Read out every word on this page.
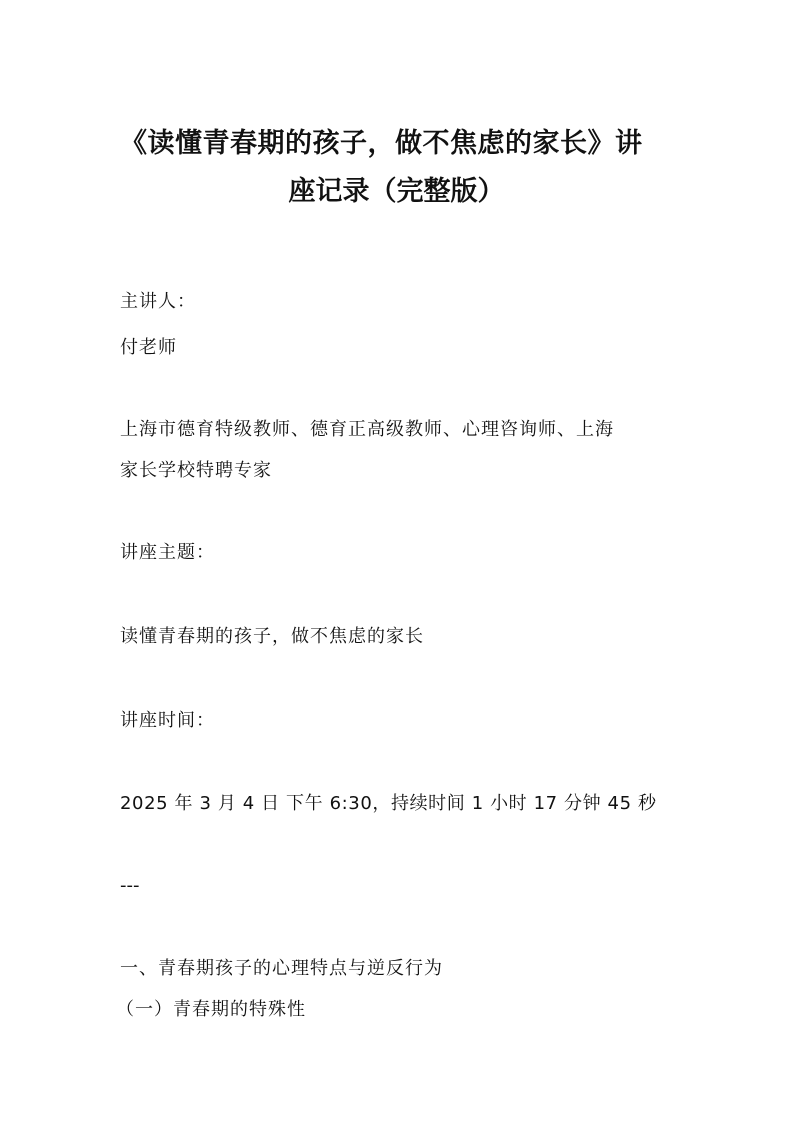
《读懂青春期的孩子，做不焦虑的家长》讲
座记录（完整版）
主讲人：
付老师
上海市德育特级教师、德育正高级教师、心理咨询师、上海
家长学校特聘专家
讲座主题：
读懂青春期的孩子，做不焦虑的家长
讲座时间：
2025 年 3 月 4 日 下午 6:30，持续时间 1 小时 17 分钟 45 秒
---
一、青春期孩子的心理特点与逆反行为
（一）青春期的特殊性
